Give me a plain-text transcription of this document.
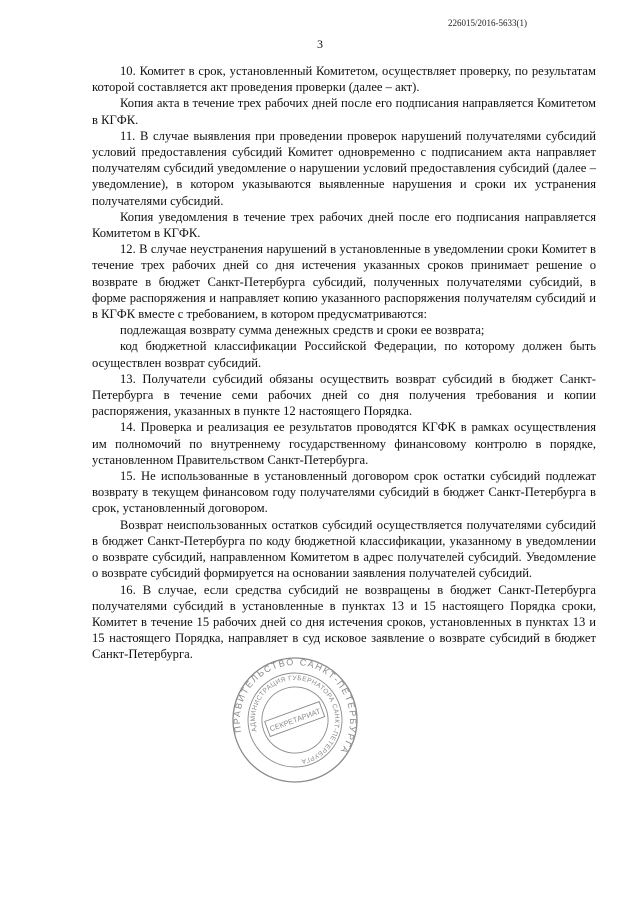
226015/2016-5633(1)
3

10. Комитет в срок, установленный Комитетом, осуществляет проверку, по результатам которой составляется акт проведения проверки (далее – акт).

Копия акта в течение трех рабочих дней после его подписания направляется Комитетом в КГФК.

11. В случае выявления при проведении проверок нарушений получателями субсидий условий предоставления субсидий Комитет одновременно с подписанием акта направляет получателям субсидий уведомление о нарушении условий предоставления субсидий (далее – уведомление), в котором указываются выявленные нарушения и сроки их устранения получателями субсидий.

Копия уведомления в течение трех рабочих дней после его подписания направляется Комитетом в КГФК.

12. В случае неустранения нарушений в установленные в уведомлении сроки Комитет в течение трех рабочих дней со дня истечения указанных сроков принимает решение о возврате в бюджет Санкт-Петербурга субсидий, полученных получателями субсидий, в форме распоряжения и направляет копию указанного распоряжения получателям субсидий и в КГФК вместе с требованием, в котором предусматриваются:

подлежащая возврату сумма денежных средств и сроки ее возврата;

код бюджетной классификации Российской Федерации, по которому должен быть осуществлен возврат субсидий.

13. Получатели субсидий обязаны осуществить возврат субсидий в бюджет Санкт-Петербурга в течение семи рабочих дней со дня получения требования и копии распоряжения, указанных в пункте 12 настоящего Порядка.

14. Проверка и реализация ее результатов проводятся КГФК в рамках осуществления им полномочий по внутреннему государственному финансовому контролю в порядке, установленном Правительством Санкт-Петербурга.

15. Не использованные в установленный договором срок остатки субсидий подлежат возврату в текущем финансовом году получателями субсидий в бюджет Санкт-Петербурга в срок, установленный договором.

Возврат неиспользованных остатков субсидий осуществляется получателями субсидий в бюджет Санкт-Петербурга по коду бюджетной классификации, указанному в уведомлении о возврате субсидий, направленном Комитетом в адрес получателей субсидий. Уведомление о возврате субсидий формируется на основании заявления получателей субсидий.

16. В случае, если средства субсидий не возвращены в бюджет Санкт-Петербурга получателями субсидий в установленные в пунктах 13 и 15 настоящего Порядка сроки, Комитет в течение 15 рабочих дней со дня истечения сроков, установленных в пунктах 13 и 15 настоящего Порядка, направляет в суд исковое заявление о возврате субсидий в бюджет Санкт-Петербурга.

ПРАВИТЕЛЬСТВО САНКТ-ПЕТЕРБУРГА
АДМИНИСТРАЦИЯ ГУБЕРНАТОРА САНКТ-ПЕТЕРБУРГА
СЕКРЕТАРИАТ
